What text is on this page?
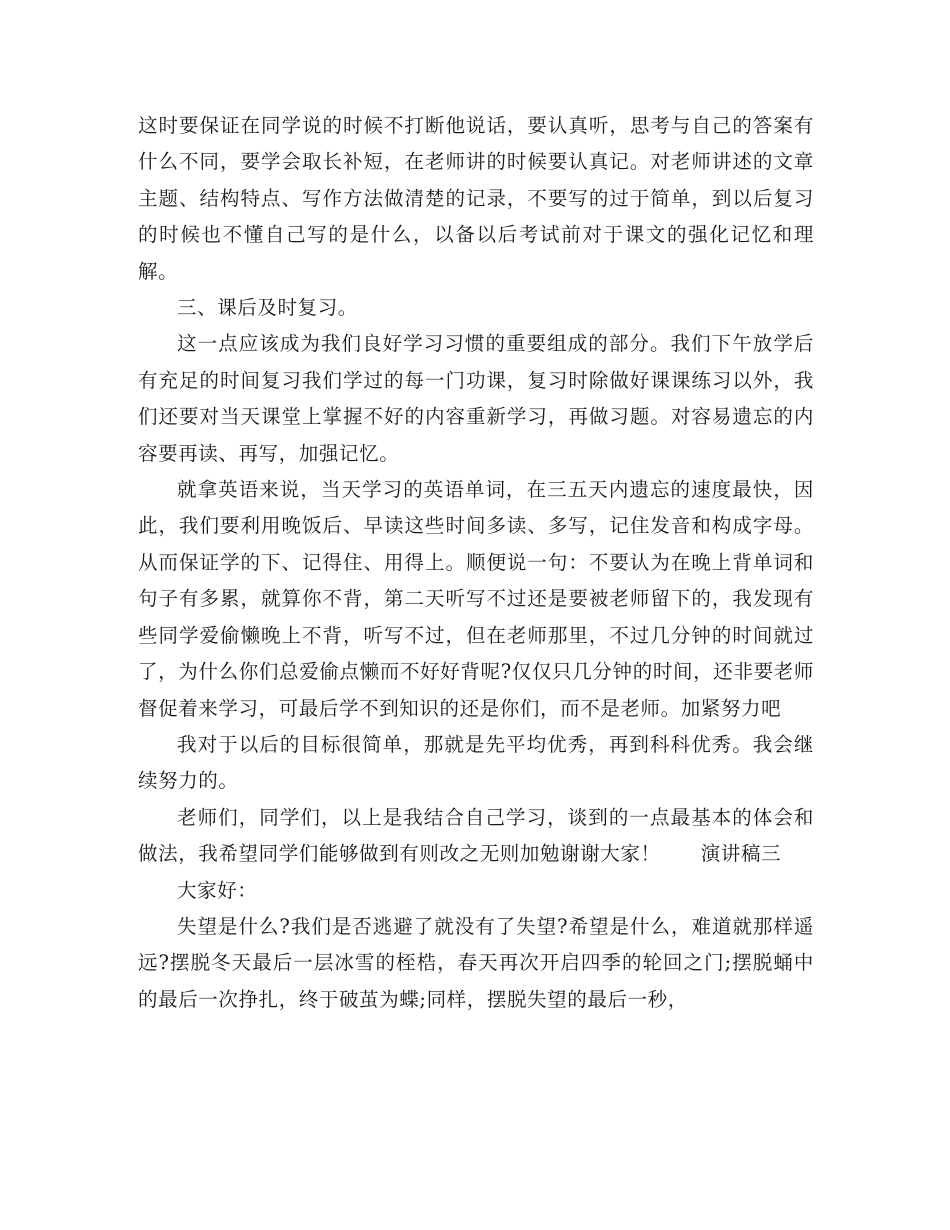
这时要保证在同学说的时候不打断他说话，要认真听，思考与自己的答案有什么不同，要学会取长补短，在老师讲的时候要认真记。对老师讲述的文章主题、结构特点、写作方法做清楚的记录，不要写的过于简单，到以后复习的时候也不懂自己写的是什么，以备以后考试前对于课文的强化记忆和理解。

三、课后及时复习。

这一点应该成为我们良好学习习惯的重要组成的部分。我们下午放学后有充足的时间复习我们学过的每一门功课，复习时除做好课课练习以外，我们还要对当天课堂上掌握不好的内容重新学习，再做习题。对容易遗忘的内容要再读、再写，加强记忆。

就拿英语来说，当天学习的英语单词，在三五天内遗忘的速度最快，因此，我们要利用晚饭后、早读这些时间多读、多写，记住发音和构成字母。从而保证学的下、记得住、用得上。顺便说一句：不要认为在晚上背单词和句子有多累，就算你不背，第二天听写不过还是要被老师留下的，我发现有些同学爱偷懒晚上不背，听写不过，但在老师那里，不过几分钟的时间就过了，为什么你们总爱偷点懒而不好好背呢?仅仅只几分钟的时间，还非要老师督促着来学习，可最后学不到知识的还是你们，而不是老师。加紧努力吧

我对于以后的目标很简单，那就是先平均优秀，再到科科优秀。我会继续努力的。

老师们，同学们，以上是我结合自己学习，谈到的一点最基本的体会和做法，我希望同学们能够做到有则改之无则加勉谢谢大家！　　演讲稿三

大家好：

失望是什么?我们是否逃避了就没有了失望?希望是什么，难道就那样遥远?摆脱冬天最后一层冰雪的桎梏，春天再次开启四季的轮回之门;摆脱蛹中的最后一次挣扎，终于破茧为蝶;同样，摆脱失望的最后一秒，
